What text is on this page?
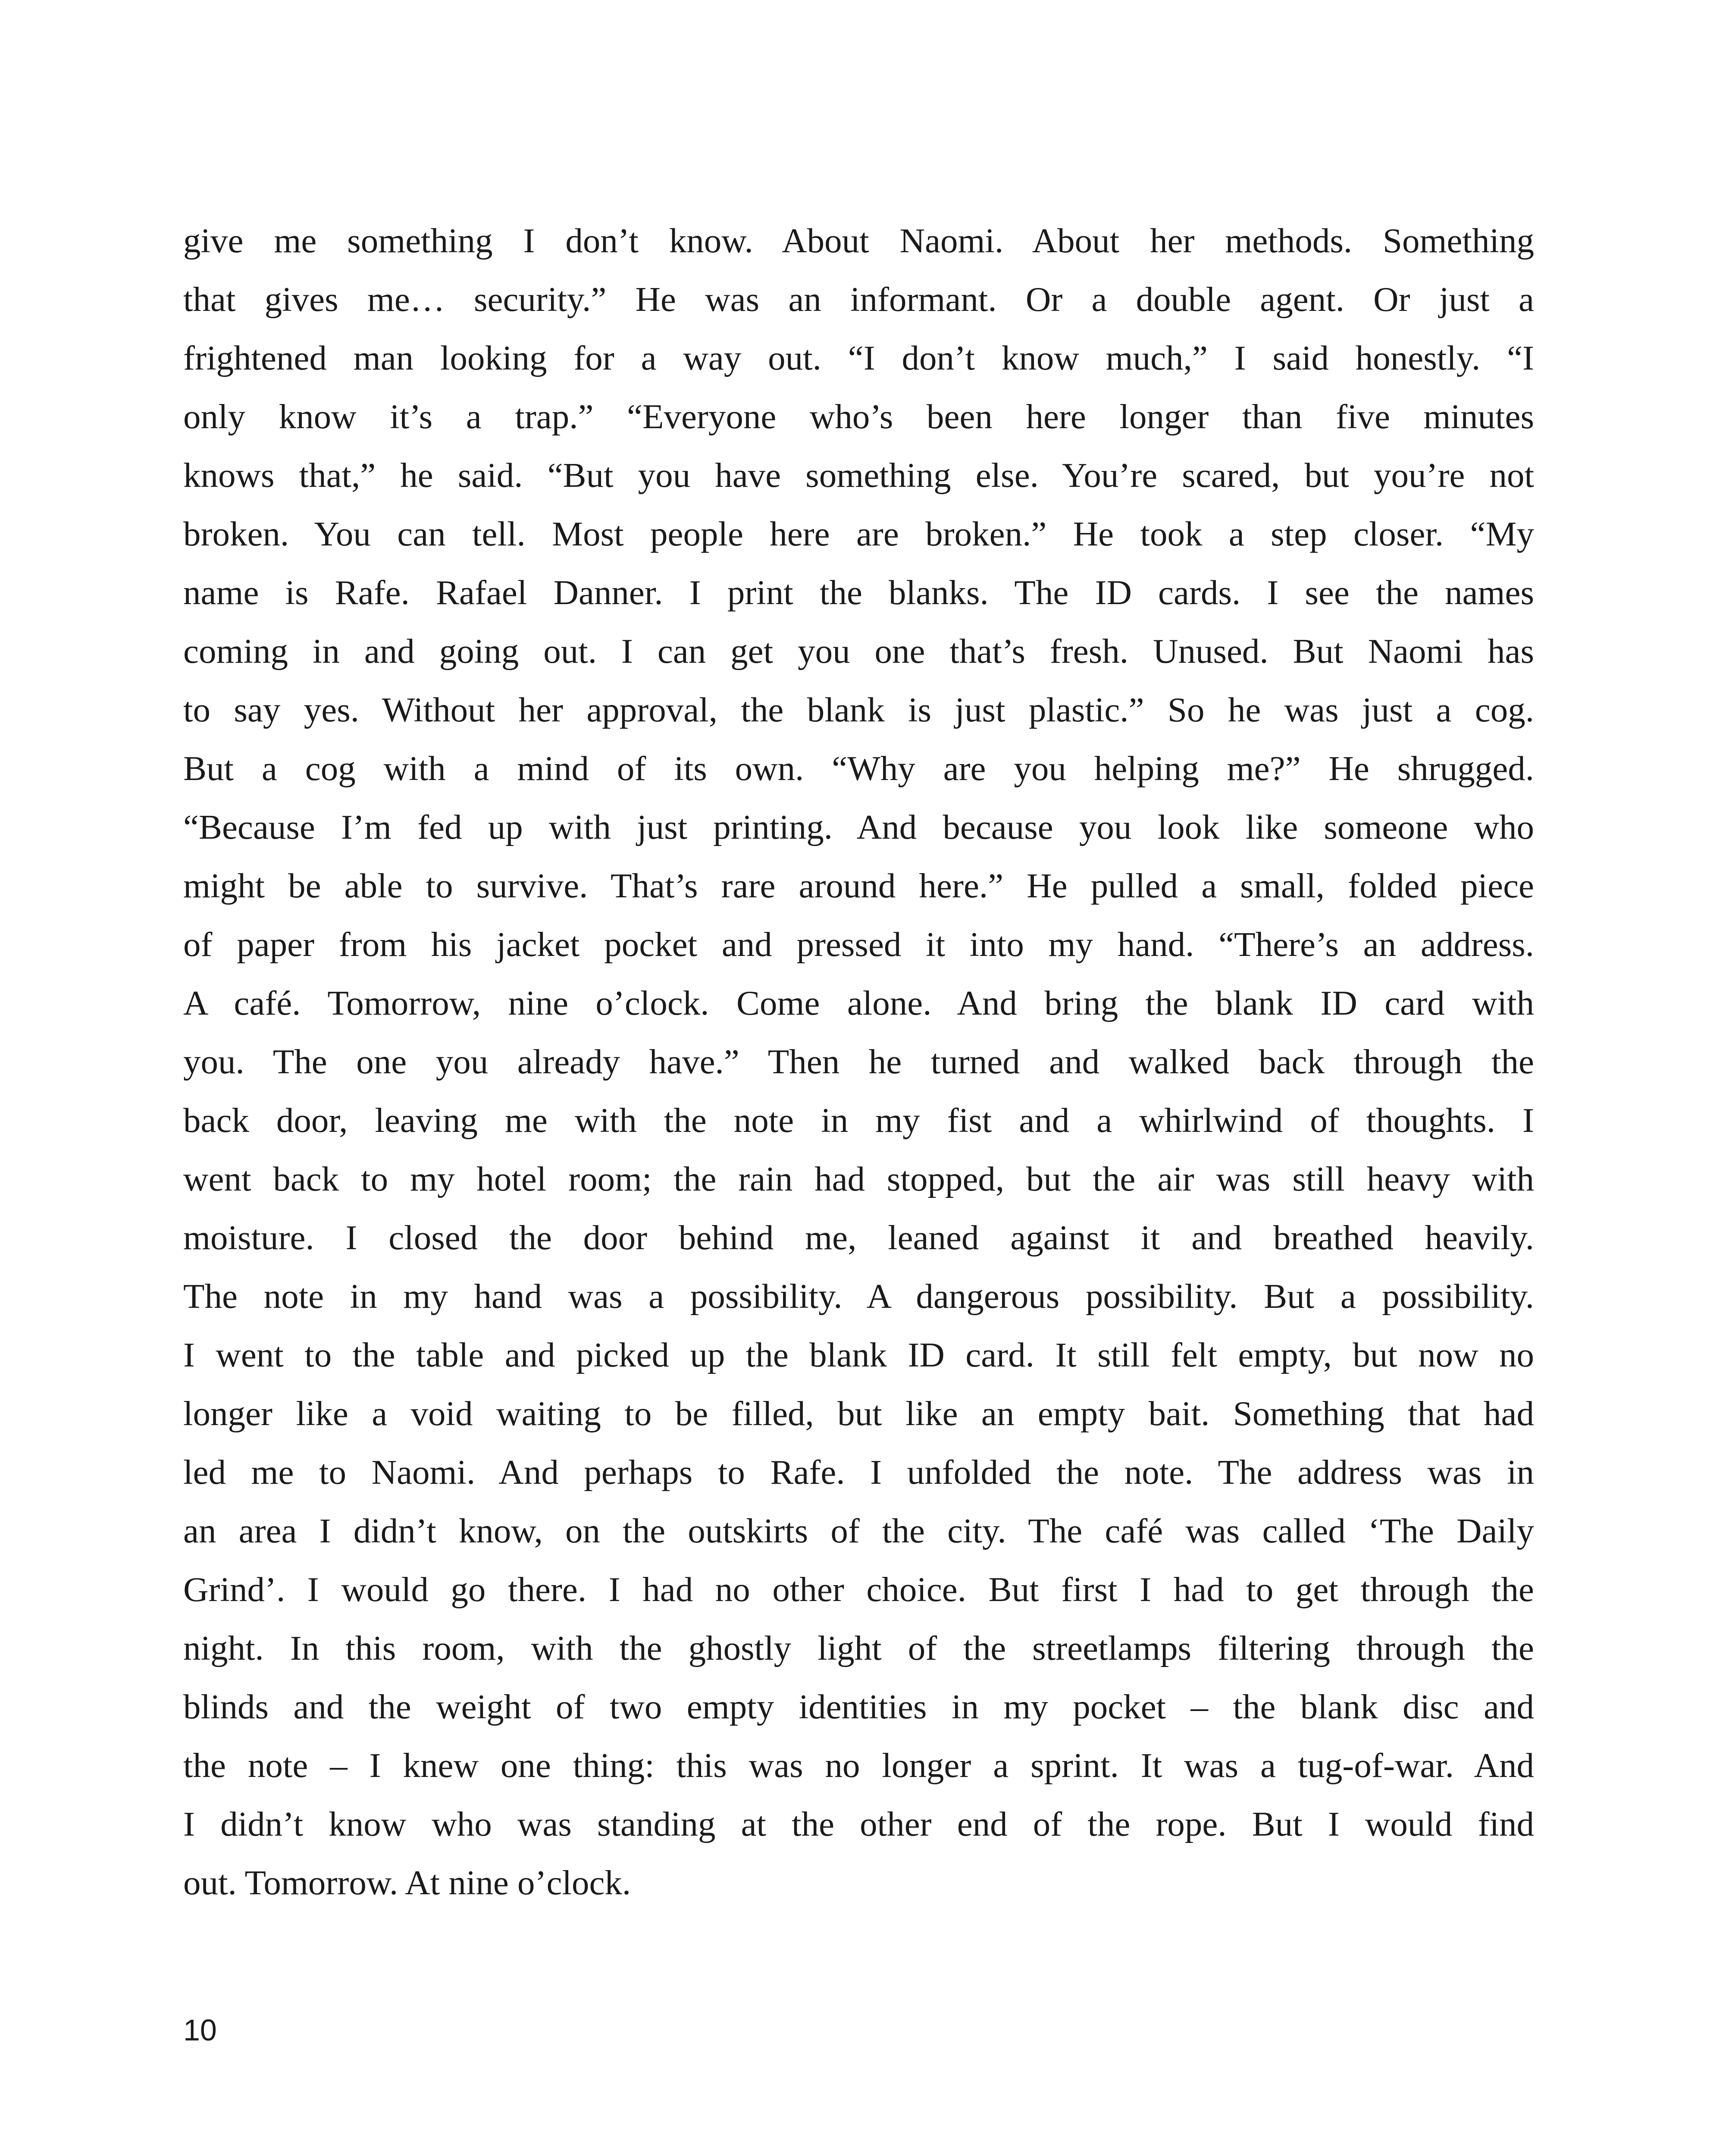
give me something I don’t know. About Naomi. About her methods. Something
that gives me… security.” He was an informant. Or a double agent. Or just a
frightened man looking for a way out. “I don’t know much,” I said honestly. “I
only know it’s a trap.” “Everyone who’s been here longer than five minutes
knows that,” he said. “But you have something else. You’re scared, but you’re not
broken. You can tell. Most people here are broken.” He took a step closer. “My
name is Rafe. Rafael Danner. I print the blanks. The ID cards. I see the names
coming in and going out. I can get you one that’s fresh. Unused. But Naomi has
to say yes. Without her approval, the blank is just plastic.” So he was just a cog.
But a cog with a mind of its own. “Why are you helping me?” He shrugged.
“Because I’m fed up with just printing. And because you look like someone who
might be able to survive. That’s rare around here.” He pulled a small, folded piece
of paper from his jacket pocket and pressed it into my hand. “There’s an address.
A café. Tomorrow, nine o’clock. Come alone. And bring the blank ID card with
you. The one you already have.” Then he turned and walked back through the
back door, leaving me with the note in my fist and a whirlwind of thoughts. I
went back to my hotel room; the rain had stopped, but the air was still heavy with
moisture. I closed the door behind me, leaned against it and breathed heavily.
The note in my hand was a possibility. A dangerous possibility. But a possibility.
I went to the table and picked up the blank ID card. It still felt empty, but now no
longer like a void waiting to be filled, but like an empty bait. Something that had
led me to Naomi. And perhaps to Rafe. I unfolded the note. The address was in
an area I didn’t know, on the outskirts of the city. The café was called ‘The Daily
Grind’. I would go there. I had no other choice. But first I had to get through the
night. In this room, with the ghostly light of the streetlamps filtering through the
blinds and the weight of two empty identities in my pocket – the blank disc and
the note – I knew one thing: this was no longer a sprint. It was a tug-of-war. And
I didn’t know who was standing at the other end of the rope. But I would find
out. Tomorrow. At nine o’clock.
10
